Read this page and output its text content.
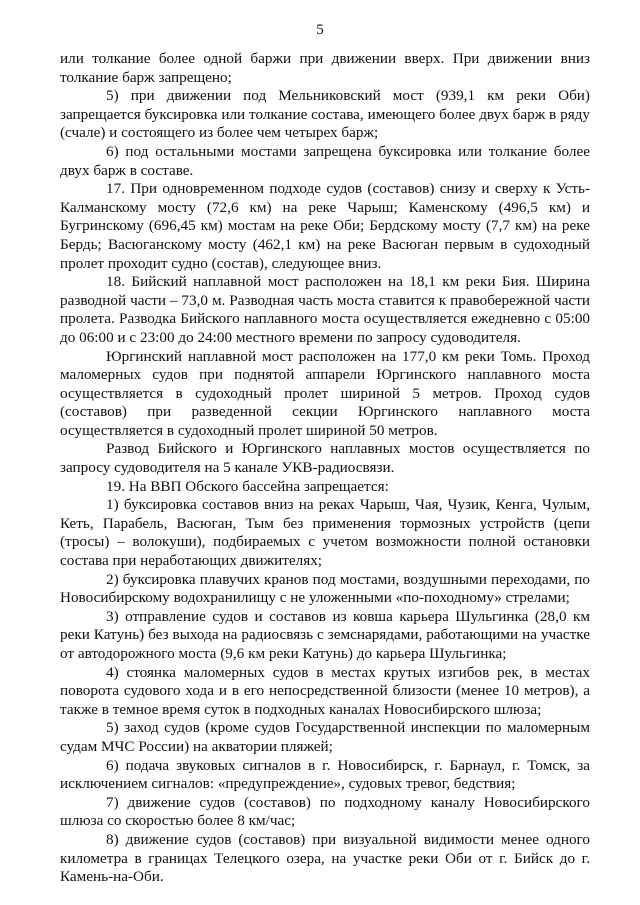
5

или толкание более одной баржи при движении вверх. При движении вниз толкание барж запрещено;

5) при движении под Мельниковский мост (939,1 км реки Оби) запрещается буксировка или толкание состава, имеющего более двух барж в ряду (счале) и состоящего из более чем четырех барж;

6) под остальными мостами запрещена буксировка или толкание более двух барж в составе.

17. При одновременном подходе судов (составов) снизу и сверху к Усть-Калманскому мосту (72,6 км) на реке Чарыш; Каменскому (496,5 км) и Бугринскому (696,45 км) мостам на реке Оби; Бердскому мосту (7,7 км) на реке Бердь; Васюганскому мосту (462,1 км) на реке Васюган первым в судоходный пролет проходит судно (состав), следующее вниз.

18. Бийский наплавной мост расположен на 18,1 км реки Бия. Ширина разводной части – 73,0 м. Разводная часть моста ставится к правобережной части пролета. Разводка Бийского наплавного моста осуществляется ежедневно с 05:00 до 06:00 и с 23:00 до 24:00 местного времени по запросу судоводителя.

Юргинский наплавной мост расположен на 177,0 км реки Томь. Проход маломерных судов при поднятой аппарели Юргинского наплавного моста осуществляется в судоходный пролет шириной 5 метров. Проход судов (составов) при разведенной секции Юргинского наплавного моста осуществляется в судоходный пролет шириной 50 метров.

Развод Бийского и Юргинского наплавных мостов осуществляется по запросу судоводителя на 5 канале УКВ-радиосвязи.

19. На ВВП Обского бассейна запрещается:

1) буксировка составов вниз на реках Чарыш, Чая, Чузик, Кенга, Чулым, Кеть, Парабель, Васюган, Тым без применения тормозных устройств (цепи (тросы) – волокуши), подбираемых с учетом возможности полной остановки состава при неработающих движителях;

2) буксировка плавучих кранов под мостами, воздушными переходами, по Новосибирскому водохранилищу с не уложенными «по-походному» стрелами;

3) отправление судов и составов из ковша карьера Шульгинка (28,0 км реки Катунь) без выхода на радиосвязь с земснарядами, работающими на участке от автодорожного моста (9,6 км реки Катунь) до карьера Шульгинка;

4) стоянка маломерных судов в местах крутых изгибов рек, в местах поворота судового хода и в его непосредственной близости (менее 10 метров), а также в темное время суток в подходных каналах Новосибирского шлюза;

5) заход судов (кроме судов Государственной инспекции по маломерным судам МЧС России) на акватории пляжей;

6) подача звуковых сигналов в г. Новосибирск, г. Барнаул, г. Томск, за исключением сигналов: «предупреждение», судовых тревог, бедствия;

7) движение судов (составов) по подходному каналу Новосибирского шлюза со скоростью более 8 км/час;

8) движение судов (составов) при визуальной видимости менее одного километра в границах Телецкого озера, на участке реки Оби от г. Бийск до г. Камень-на-Оби.
